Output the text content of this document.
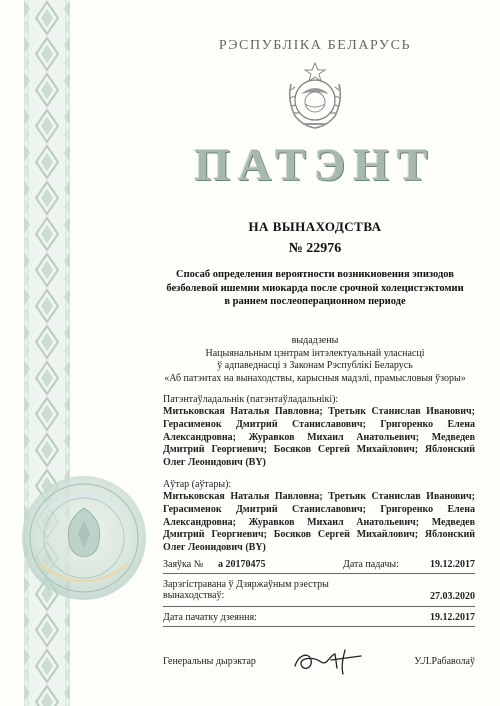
РЭСПУБЛІКА БЕЛАРУСЬ
ПАТЭНТ
НА ВЫНАХОДСТВА
№ 22976
Спосаб определения вероятности возникновения эпизодов
безболевой ишемии миокарда после срочной холецистэктомии
в раннем послеоперационном периоде
выдадзены
Нацыянальным цэнтрам інтэлектуальнай уласнасці
ў адпаведнасці з Законам Рэспублікі Беларусь
«Аб патэнтах на вынаходствы, карысныя мадэлі, прамысловыя ўзоры»
Патэнтаўладальнік (патэнтаўладальнікі):
Митьковская Наталья Павловна; Третьяк Станислав Иванович; Герасименок Дмитрий Станиславович; Григоренко Елена Александровна; Журавков Михаил Анатольевич; Медведев Дмитрий Георгиевич; Босяков Сергей Михайлович; Яблонский Олег Леонидович (BY)
Аўтар (аўтары):
Митьковская Наталья Павловна; Третьяк Станислав Иванович; Герасименок Дмитрий Станиславович; Григоренко Елена Александровна; Журавков Михаил Анатольевич; Медведев Дмитрий Георгиевич; Босяков Сергей Михайлович; Яблонский Олег Леонидович (BY)
Заяўка № a 20170475	Дата падачы:	19.12.2017
Зарэгістравана ў Дзяржаўным рэестры
вынаходстваў:	27.03.2020
Дата пачатку дзеяння:	19.12.2017
Генеральны дырэктар	У.Л.Рабаволаў
